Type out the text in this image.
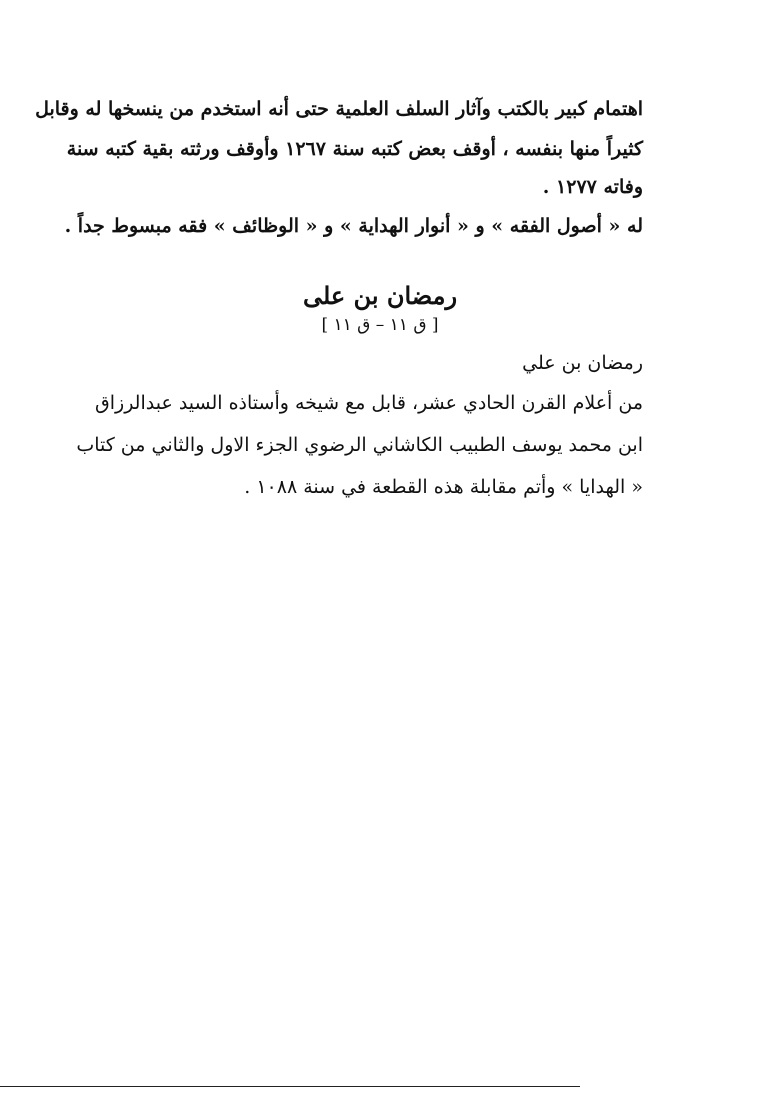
اهتمام كبير بالكتب وآثار السلف العلمية حتى أنه استخدم من ينسخها له وقابل
كثيراً منها بنفسه ، أوقف بعض كتبه سنة ١٢٦٧ وأوقف ورثته بقية كتبه سنة
وفاته ١٢٧٧ .
له « أصول الفقه » و « أنوار الهداية » و « الوظائف » فقه مبسوط جداً .
رمضان بن على
[ ق ١١ – ق ١١ ]
رمضان بن علي
من أعلام القرن الحادي عشر، قابل مع شيخه وأستاذه السيد عبدالرزاق
ابن محمد يوسف الطبيب الكاشاني الرضوي الجزء الاول والثاني من كتاب
« الهدايا » وأتم مقابلة هذه القطعة في سنة ١٠٨٨ .
